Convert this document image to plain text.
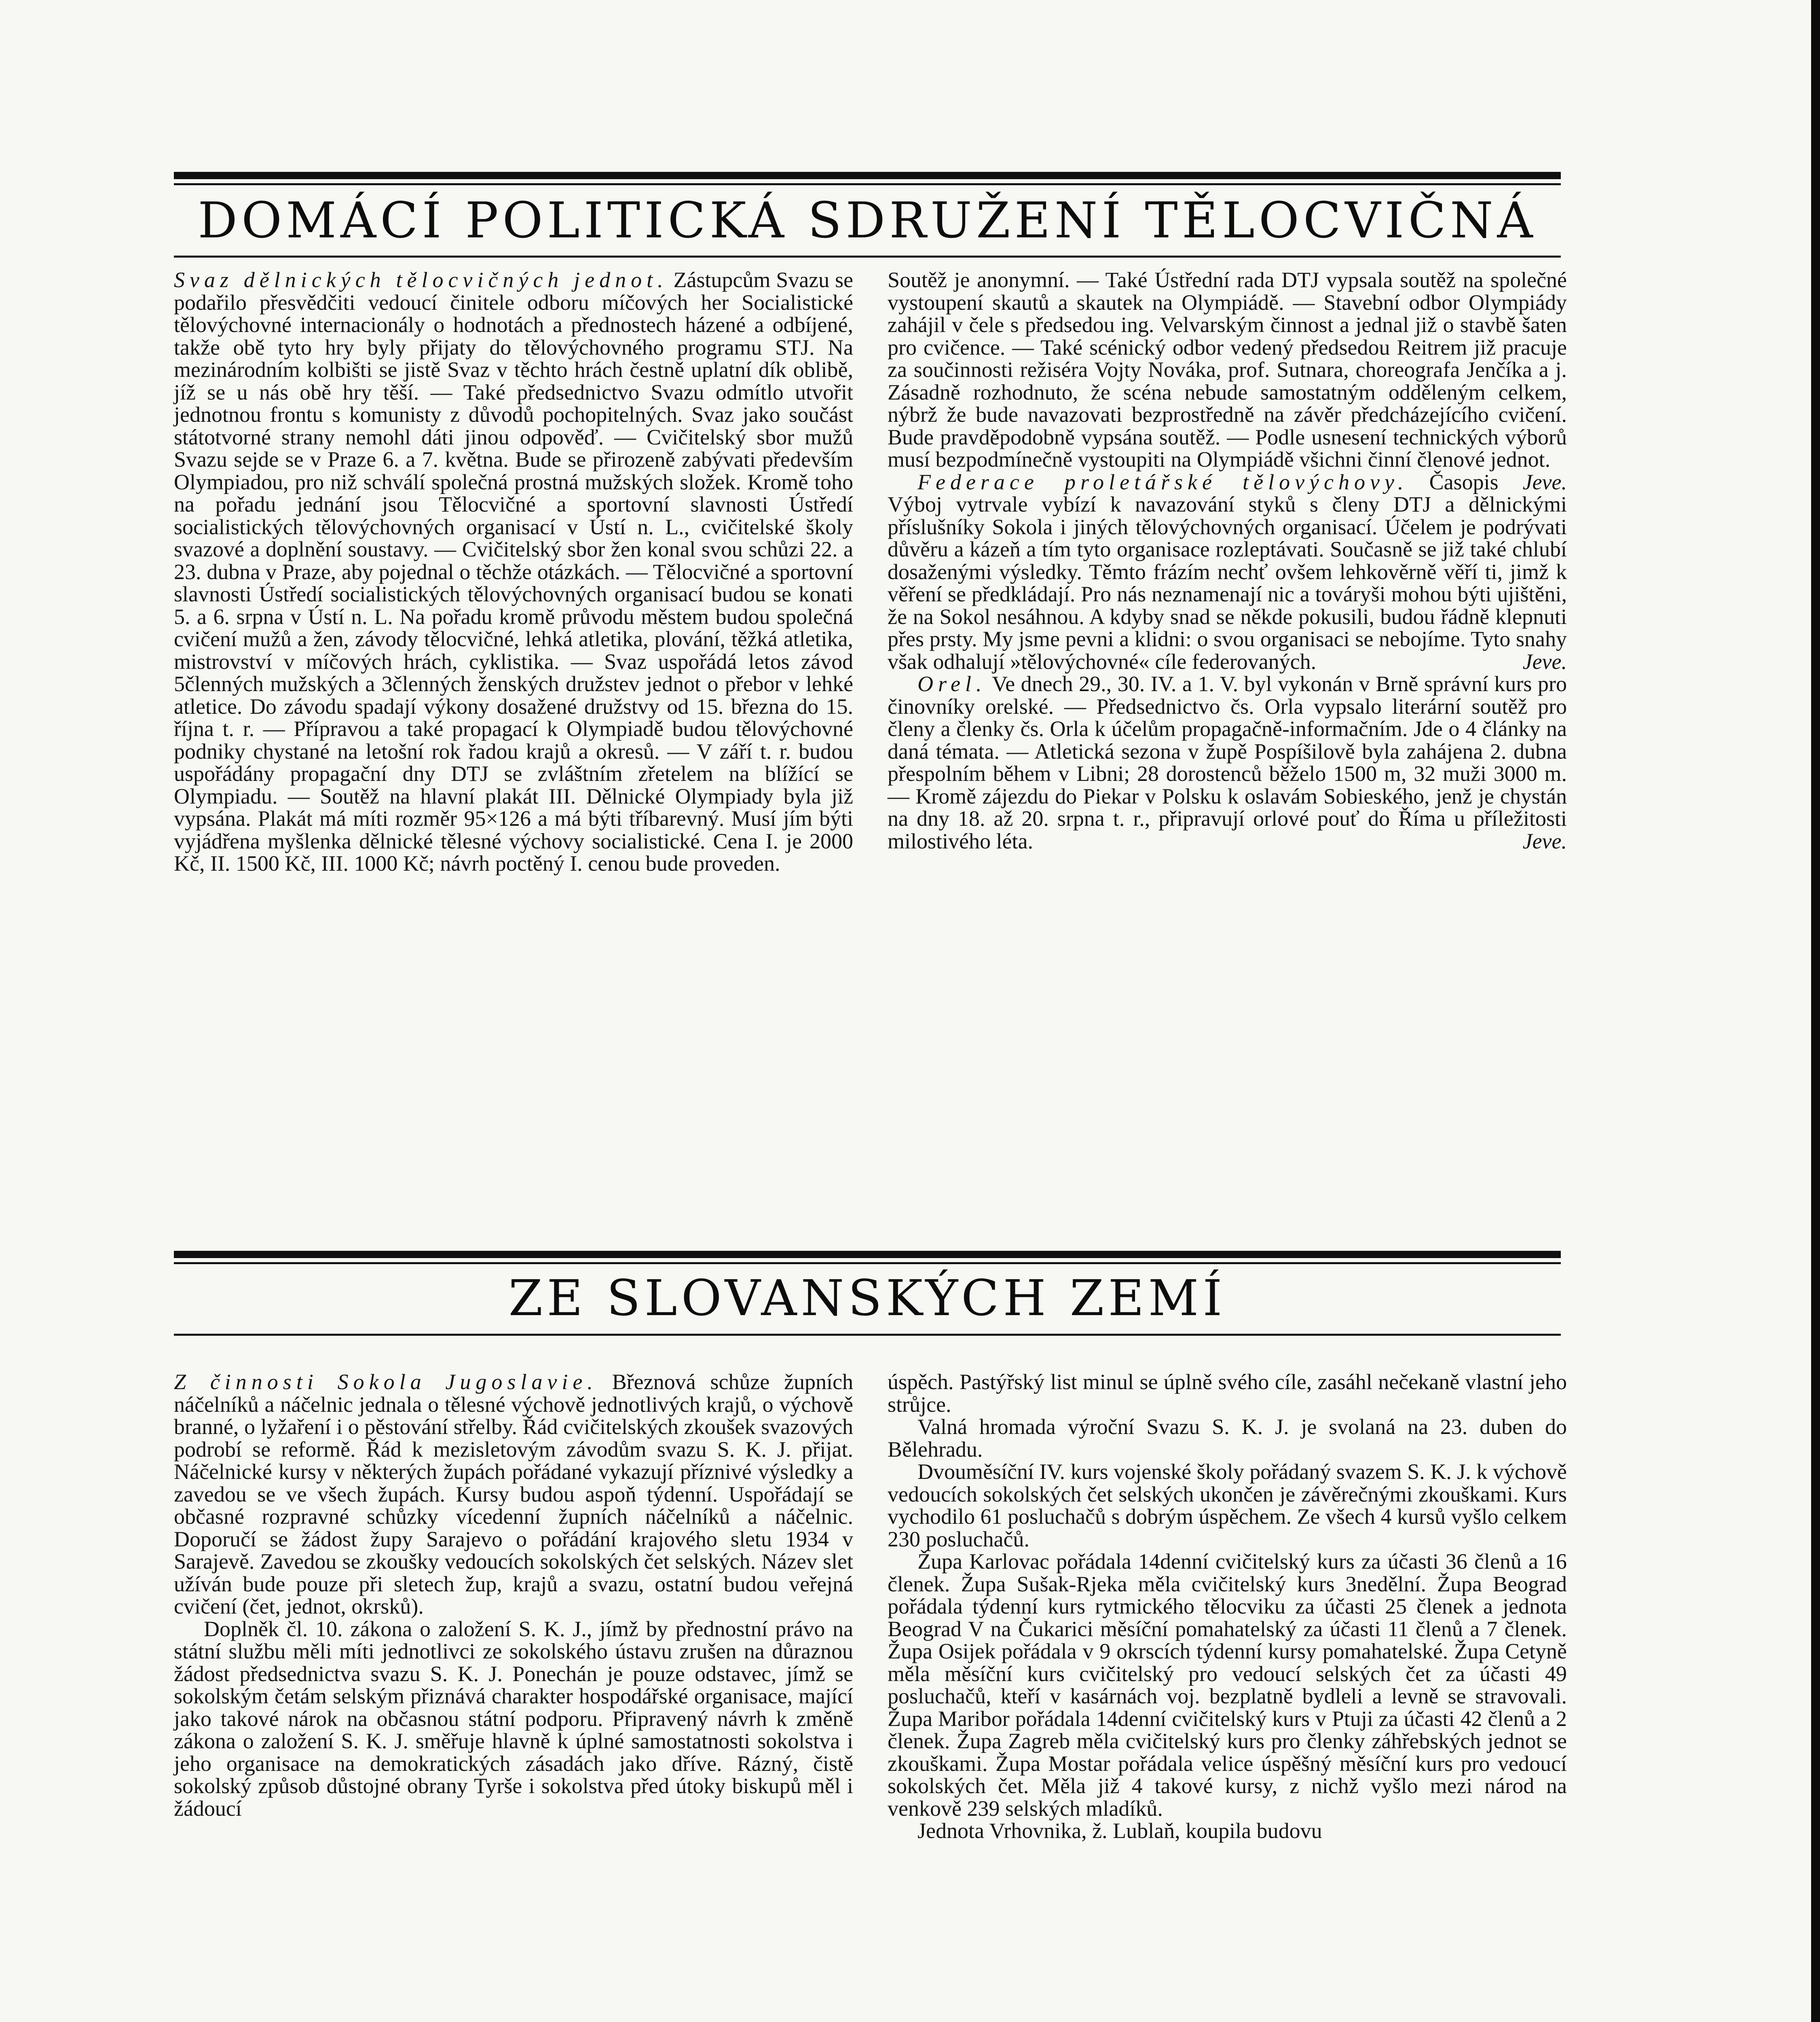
DOMÁCÍ POLITICKÁ SDRUŽENÍ TĚLOCVIČNÁ

Svaz dělnických tělocvičných jednot. Zástupcům Svazu se podařilo přesvědčiti vedoucí činitele odboru míčových her Socialistické tělovýchovné internacionály o hodnotách a přednostech házené a odbíjené, takže obě tyto hry byly přijaty do tělovýchovného programu STJ. Na mezinárodním kolbišti se jistě Svaz v těchto hrách čestně uplatní dík oblibě, jíž se u nás obě hry těší. — Také předsednictvo Svazu odmítlo utvořit jednotnou frontu s komunisty z důvodů pochopitelných. Svaz jako součást státotvorné strany nemohl dáti jinou odpověď. — Cvičitelský sbor mužů Svazu sejde se v Praze 6. a 7. května. Bude se přirozeně zabývati především Olympiadou, pro niž schválí společná prostná mužských složek. Kromě toho na pořadu jednání jsou Tělocvičné a sportovní slavnosti Ústředí socialistických tělovýchovných organisací v Ústí n. L., cvičitelské školy svazové a doplnění soustavy. — Cvičitelský sbor žen konal svou schůzi 22. a 23. dubna v Praze, aby pojednal o těchže otázkách. — Tělocvičné a sportovní slavnosti Ústředí socialistických tělovýchovných organisací budou se konati 5. a 6. srpna v Ústí n. L. Na pořadu kromě průvodu městem budou společná cvičení mužů a žen, závody tělocvičné, lehká atletika, plování, těžká atletika, mistrovství v míčových hrách, cyklistika. — Svaz uspořádá letos závod 5členných mužských a 3členných ženských družstev jednot o přebor v lehké atletice. Do závodu spadají výkony dosažené družstvy od 15. března do 15. října t. r. — Přípravou a také propagací k Olympiadě budou tělovýchovné podniky chystané na letošní rok řadou krajů a okresů. — V září t. r. budou uspořádány propagační dny DTJ se zvláštním zřetelem na blížící se Olympiadu. — Soutěž na hlavní plakát III. Dělnické Olympiady byla již vypsána. Plakát má míti rozměr 95×126 a má býti tříbarevný. Musí jím býti vyjádřena myšlenka dělnické tělesné výchovy socialistické. Cena I. je 2000 Kč, II. 1500 Kč, III. 1000 Kč; návrh poctěný I. cenou bude proveden.

Soutěž je anonymní. — Také Ústřední rada DTJ vypsala soutěž na společné vystoupení skautů a skautek na Olympiádě. — Stavební odbor Olympiády zahájil v čele s předsedou ing. Velvarským činnost a jednal již o stavbě šaten pro cvičence. — Také scénický odbor vedený předsedou Reitrem již pracuje za součinnosti režiséra Vojty Nováka, prof. Sutnara, choreografa Jenčíka a j. Zásadně rozhodnuto, že scéna nebude samostatným odděleným celkem, nýbrž že bude navazovati bezprostředně na závěr předcházejícího cvičení. Bude pravděpodobně vypsána soutěž. — Podle usnesení technických výborů musí bezpodmínečně vystoupiti na Olympiádě všichni činní členové jednot.
Jeve.

Federace proletářské tělovýchovy. Časopis Výboj vytrvale vybízí k navazování styků s členy DTJ a dělnickými příslušníky Sokola i jiných tělovýchovných organisací. Účelem je podrývati důvěru a kázeň a tím tyto organisace rozleptávati. Současně se již také chlubí dosaženými výsledky. Těmto frázím nechť ovšem lehkověrně věří ti, jimž k věření se předkládají. Pro nás neznamenají nic a továryši mohou býti ujištěni, že na Sokol nesáhnou. A kdyby snad se někde pokusili, budou řádně klepnuti přes prsty. My jsme pevni a klidni: o svou organisaci se nebojíme. Tyto snahy však odhalují »tělovýchovné« cíle federovaných.	Jeve.

Orel. Ve dnech 29., 30. IV. a 1. V. byl vykonán v Brně správní kurs pro činovníky orelské. — Předsednictvo čs. Orla vypsalo literární soutěž pro členy a členky čs. Orla k účelům propagačně-informačním. Jde o 4 články na daná témata. — Atletická sezona v župě Pospíšilově byla zahájena 2. dubna přespolním během v Libni; 28 dorostenců běželo 1500 m, 32 muži 3000 m. — Kromě zájezdu do Piekar v Polsku k oslavám Sobieského, jenž je chystán na dny 18. až 20. srpna t. r., připravují orlové pouť do Říma u příležitosti milostivého léta.	Jeve.

ZE SLOVANSKÝCH ZEMÍ

Z činnosti Sokola Jugoslavie. Březnová schůze župních náčelníků a náčelnic jednala o tělesné výchově jednotlivých krajů, o výchově branné, o lyžaření i o pěstování střelby. Řád cvičitelských zkoušek svazových podrobí se reformě. Řád k mezisletovým závodům svazu S. K. J. přijat. Náčelnické kursy v některých župách pořádané vykazují příznivé výsledky a zavedou se ve všech župách. Kursy budou aspoň týdenní. Uspořádají se občasné rozpravné schůzky vícedenní župních náčelníků a náčelnic. Doporučí se žádost župy Sarajevo o pořádání krajového sletu 1934 v Sarajevě. Zavedou se zkoušky vedoucích sokolských čet selských. Název slet užíván bude pouze při sletech žup, krajů a svazu, ostatní budou veřejná cvičení (čet, jednot, okrsků).

Doplněk čl. 10. zákona o založení S. K. J., jímž by přednostní právo na státní službu měli míti jednotlivci ze sokolského ústavu zrušen na důraznou žádost předsednictva svazu S. K. J. Ponechán je pouze odstavec, jímž se sokolským četám selským přiznává charakter hospodářské organisace, mající jako takové nárok na občasnou státní podporu. Připravený návrh k změně zákona o založení S. K. J. směřuje hlavně k úplné samostatnosti sokolstva i jeho organisace na demokratických zásadách jako dříve. Rázný, čistě sokolský způsob důstojné obrany Tyrše i sokolstva před útoky biskupů měl i žádoucí

úspěch. Pastýřský list minul se úplně svého cíle, zasáhl nečekaně vlastní jeho strůjce.

Valná hromada výroční Svazu S. K. J. je svolaná na 23. duben do Bělehradu.

Dvouměsíční IV. kurs vojenské školy pořádaný svazem S. K. J. k výchově vedoucích sokolských čet selských ukončen je závěrečnými zkouškami. Kurs vychodilo 61 posluchačů s dobrým úspěchem. Ze všech 4 kursů vyšlo celkem 230 posluchačů.

Župa Karlovac pořádala 14denní cvičitelský kurs za účasti 36 členů a 16 členek. Župa Sušak-Rjeka měla cvičitelský kurs 3nedělní. Župa Beograd pořádala týdenní kurs rytmického tělocviku za účasti 25 členek a jednota Beograd V na Čukarici měsíční pomahatelský za účasti 11 členů a 7 členek. Župa Osijek pořádala v 9 okrscích týdenní kursy pomahatelské. Župa Cetyně měla měsíční kurs cvičitelský pro vedoucí selských čet za účasti 49 posluchačů, kteří v kasárnách voj. bezplatně bydleli a levně se stravovali. Župa Maribor pořádala 14denní cvičitelský kurs v Ptuji za účasti 42 členů a 2 členek. Župa Zagreb měla cvičitelský kurs pro členky záhřebských jednot se zkouškami. Župa Mostar pořádala velice úspěšný měsíční kurs pro vedoucí sokolských čet. Měla již 4 takové kursy, z nichž vyšlo mezi národ na venkově 239 selských mladíků.

Jednota Vrhovnika, ž. Lublaň, koupila budovu
